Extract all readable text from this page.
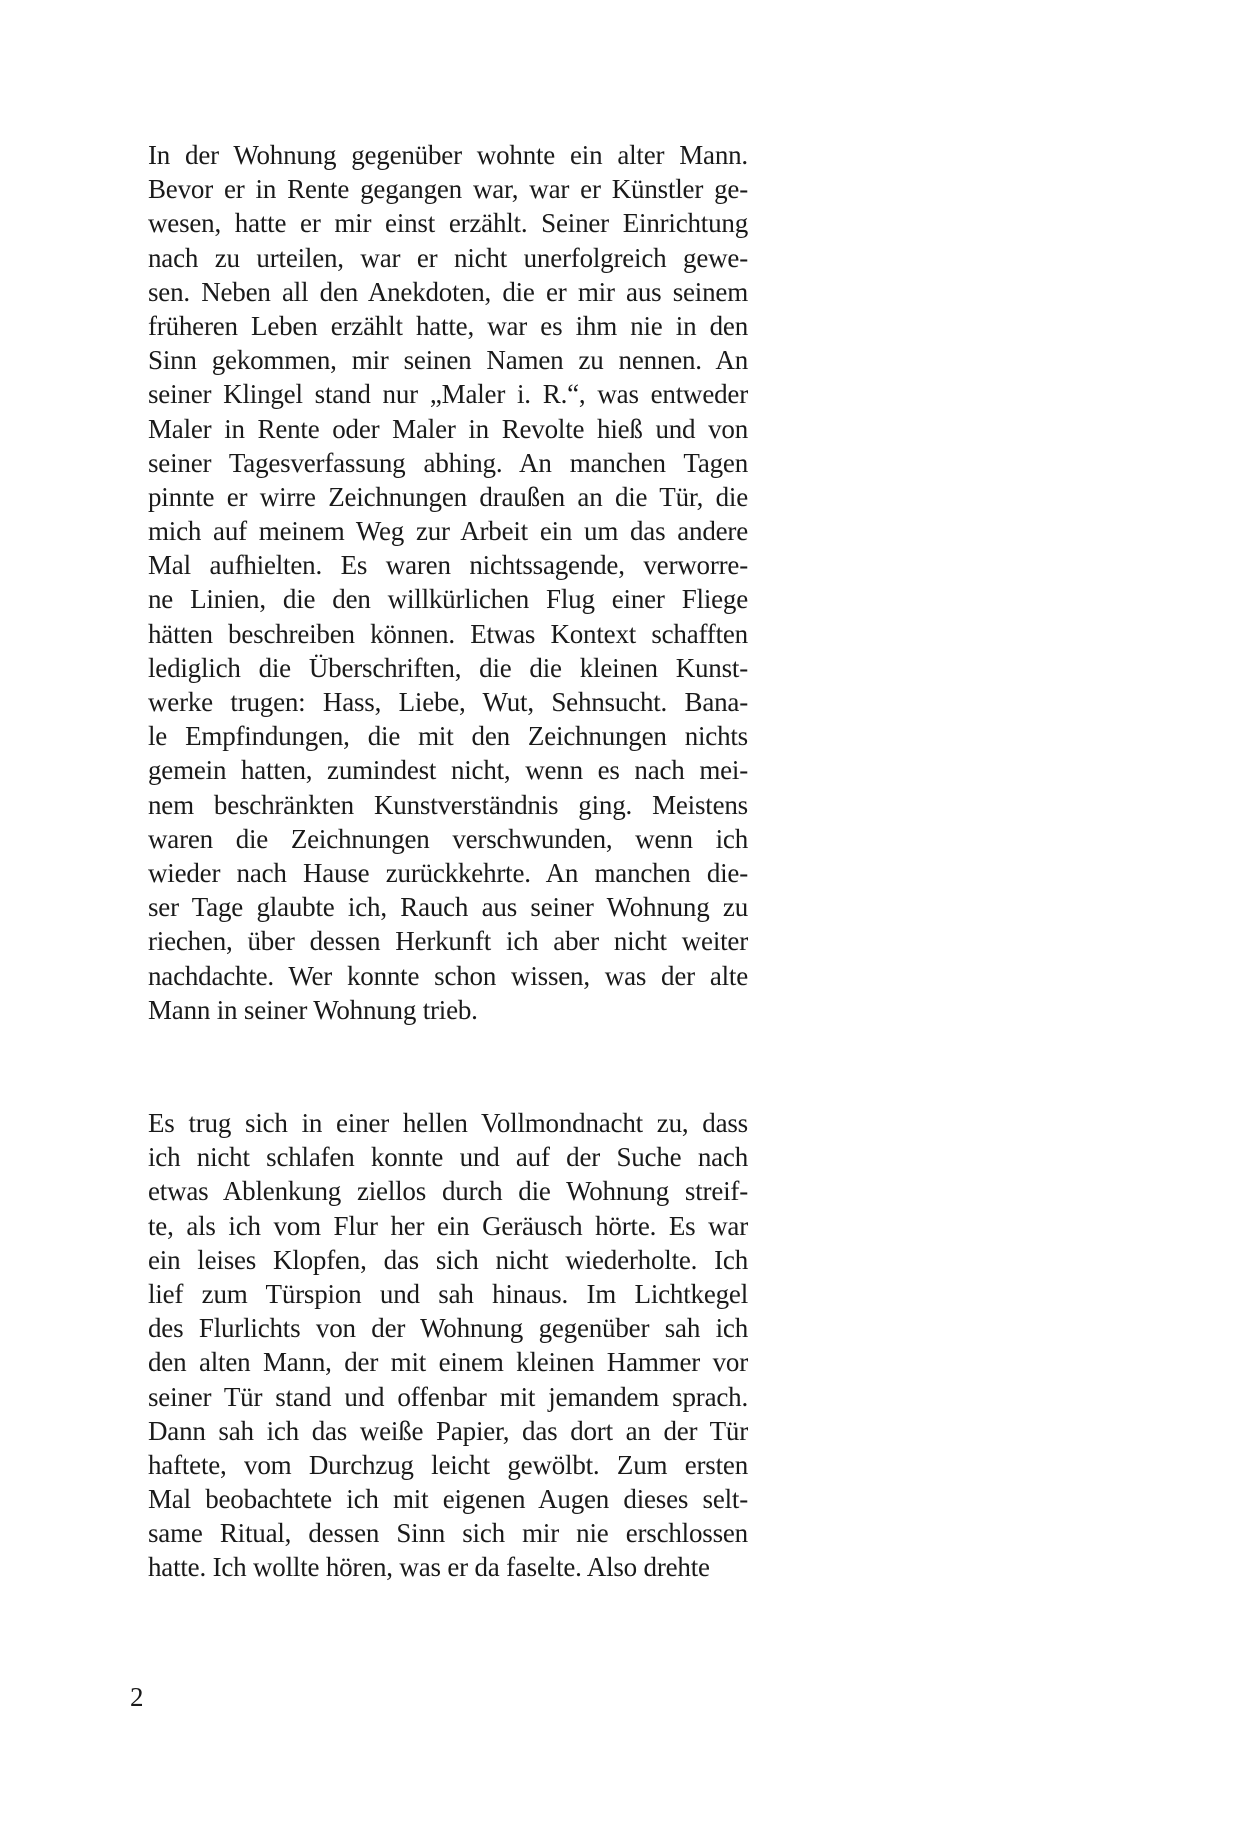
In der Wohnung gegenüber wohnte ein alter Mann.
Bevor er in Rente gegangen war, war er Künstler ge-
wesen, hatte er mir einst erzählt. Seiner Einrichtung
nach zu urteilen, war er nicht unerfolgreich gewe-
sen. Neben all den Anekdoten, die er mir aus seinem
früheren Leben erzählt hatte, war es ihm nie in den
Sinn gekommen, mir seinen Namen zu nennen. An
seiner Klingel stand nur „Maler i. R.“, was entweder
Maler in Rente oder Maler in Revolte hieß und von
seiner Tagesverfassung abhing. An manchen Tagen
pinnte er wirre Zeichnungen draußen an die Tür, die
mich auf meinem Weg zur Arbeit ein um das andere
Mal aufhielten. Es waren nichtssagende, verworre-
ne Linien, die den willkürlichen Flug einer Fliege
hätten beschreiben können. Etwas Kontext schafften
lediglich die Überschriften, die die kleinen Kunst-
werke trugen: Hass, Liebe, Wut, Sehnsucht. Bana-
le Empfindungen, die mit den Zeichnungen nichts
gemein hatten, zumindest nicht, wenn es nach mei-
nem beschränkten Kunstverständnis ging. Meistens
waren die Zeichnungen verschwunden, wenn ich
wieder nach Hause zurückkehrte. An manchen die-
ser Tage glaubte ich, Rauch aus seiner Wohnung zu
riechen, über dessen Herkunft ich aber nicht weiter
nachdachte. Wer konnte schon wissen, was der alte
Mann in seiner Wohnung trieb.
Es trug sich in einer hellen Vollmondnacht zu, dass
ich nicht schlafen konnte und auf der Suche nach
etwas Ablenkung ziellos durch die Wohnung streif-
te, als ich vom Flur her ein Geräusch hörte. Es war
ein leises Klopfen, das sich nicht wiederholte. Ich
lief zum Türspion und sah hinaus. Im Lichtkegel
des Flurlichts von der Wohnung gegenüber sah ich
den alten Mann, der mit einem kleinen Hammer vor
seiner Tür stand und offenbar mit jemandem sprach.
Dann sah ich das weiße Papier, das dort an der Tür
haftete, vom Durchzug leicht gewölbt. Zum ersten
Mal beobachtete ich mit eigenen Augen dieses selt-
same Ritual, dessen Sinn sich mir nie erschlossen
hatte. Ich wollte hören, was er da faselte. Also drehte
2
